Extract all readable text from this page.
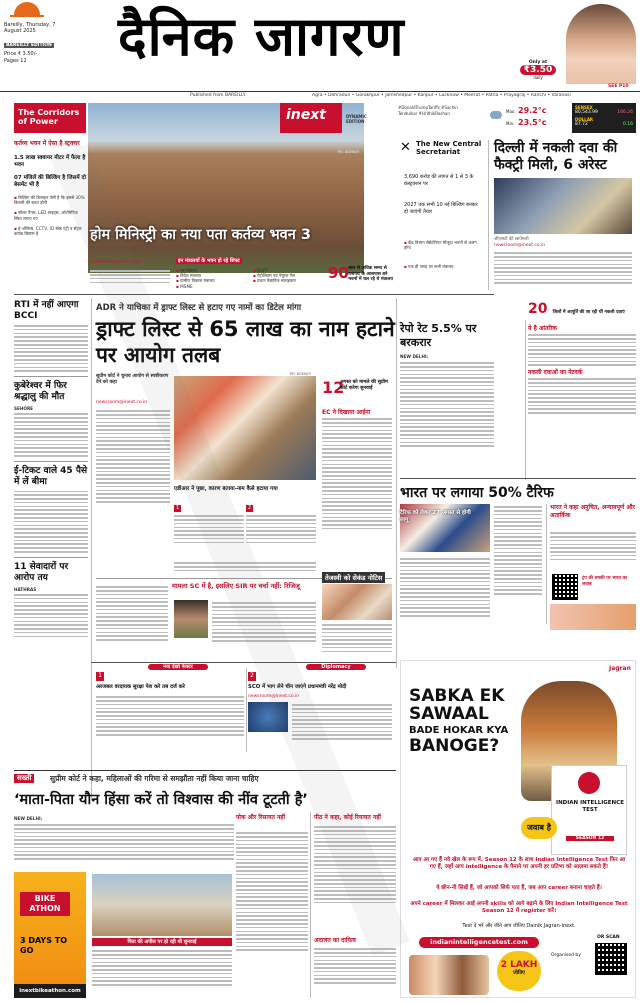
Bareilly, Thursday, 7 August 2025
BAREILLY EDITION
Price ₹ 3.50/-
Pages 12 दैनिक जागरण	Only at
₹3.50
daily
SEE P10
Published from BAREILLY	Agra • Dehradun • Gorakhpur • Jamshedpur • Kanpur • Lucknow • Meerut • Patna • Prayagraj • Ranchi • Varanasi
The Corridors of Power
PIC AGENCY
inext	DYNAMIC EDITION
#DonaldTrumpTariffs #Sachin Tendulkar #HrithikRoshan	Max. 29.2°c
Min. 23.5°c
SENSEX
80,543.99	166.26
DOLLAR
87.72	0.16
कर्तव्य भवन में ऐसा है स्ट्रक्चर
1.5 लाख स्क्वायर मीटर में फैला है भवन
07 मंजिलें की बिल्डिंग है जिसमें दो बेसमेंट भी है
▪ बिल्डिंग की डिजाइन ऐसी है कि इससे 30% बिजली की बचत होगी
▪ सोलर पैनल, LED लाइट्स, ऑटोमेटिक स्विच लगाए गए
▪ ई-ऑफिस, CCTV, ID बेस्ड एंट्री व सेंट्रल कमांड सिस्टम है
✕ The New Central Secretariat
3,690 करोड़ की लागत से 1 से 3 के कंस्ट्रक्शन पर
2027 तक सभी 10 नई बिल्डिंग बनकर हो जाएंगी तैयार
▪ केंद्र विभाग सेक्रेटेरिएट मौजूदा भवनों से अलग होगा
▪ एक ही जगह पर सभी मंत्रालय
होम मिनिस्ट्री का नया पता कर्तव्य भवन 3
newsroom@inext.co.in	इन मंत्रालयों के भवन हो रहे शिफ्ट
▪ गृह मंत्रालय	▪ DoPT
▪ विदेश मंत्रालय	▪ पेट्रोलियम एवं नेचुरल गैस
▪ ग्रामीण विकास मंत्रालय	▪ प्रधान वैज्ञानिक सलाहकार
▪ MSME
90 साल से अधिक समय से राजपथ के आसपास बने भवनों में चल रहे थे मंत्रालय
दिल्ली में नकली दवा की फैक्ट्री मिली, 6 अरेस्ट
जीएसटी की छापेमारी
newsroom@inext.co.in
RTI में नहीं आएगा BCCI
कुबेरेश्वर में फिर श्रद्धालु की मौत
SEHORE
ई-टिकट वाले 45 पैसे में लें बीमा
11 सेवादारों पर आरोप तय
HATHRAS
ADR ने याचिका में ड्राफ्ट लिस्ट से हटाए गए नामों का डिटेल मांगा
ड्राफ्ट लिस्ट से 65 लाख का नाम हटाने पर आयोग तलब
सुप्रीम कोर्ट ने चुनाव आयोग से स्पष्टीकरण देने को कहा
newsroom@inext.co.in
PIC AGENCY
12
अगस्त को मामले की सुप्रीम कोर्ट करेगा सुनवाई
EC ने दिखाया आईना
एडीआर ने पूछा, कारण बताया-नाम कैसे हटाया गया
1	2
मामला SC में है, इसलिए SIR पर चर्चा नहीं: रिजिजू
तेजस्वी को सेकंड नोटिस
रेपो रेट 5.5% पर बरकरार
NEW DELHI:
ये है आंतरिक
नकली दवाओं का नेटवर्क
20 जिलों में आपूर्ति की जा रही थीं नकली दवाएं
भारत पर लगाया 50% टैरिफ
टैरिफ को लेकर 27 अगस्त से होगी लागू
भारत ने कहा अनुचित, अन्यायपूर्ण और अतार्किक
ट्रंप की धमकी पर भारत का जवाब
नया देखो फेक्टर	Diplomacy
1	2
अरजबल वरदायक सुरक्षा पेश करे तब दर्ज करे	SCO में भाग लेने चीन जाएंगे प्रधानमंत्री नरेंद्र मोदी
newsroom@inext.co.in
सख्ती	सुप्रीम कोर्ट ने कहा, महिलाओं की गरिमा से समझौता नहीं किया जाना चाहिए
‘माता-पिता यौन हिंसा करें तो विश्वास की नींव टूटती है’
NEW DELHI:	पोक और रिसायत नहीं	पीठ ने कहा, कोई रियायत नहीं
अदालत का दायित्व
BIKE ATHON
3 DAYS TO GO
inextbikeathon.com
पिता की अपील पर हो रही थी सुनवाई
Jagran
SABKA EK
SAWAAL
BADE HOKAR KYA
BANOGE?
INDIAN INTELLIGENCE TEST
SEASON 12
जवाब है
आप आ गए हैं नवे खेल के रूप में. Season 12 के साथ Indian Intelligence Test फिर आ गए हैं, जहाँ आप intelligence के पैमाने पर अपनी हर प्रतिभा को आज़मा सकते हैं!
ये छीन-नी सिखें हैं, जो आपको सिर्फ पता हैं, जब आप career बनाना चाहते हैं।
अपने career में मिलकर आई अपनी skills को आगे बढ़ाने के लिए Indian Intelligence Test Season 12 में register करें।
Test दे भरें और जीते आप जीतिए Dainik Jagran-inext.
indianintelligencetest.com
OR SCAN
2 LAKH
जीतिए
Organised by
